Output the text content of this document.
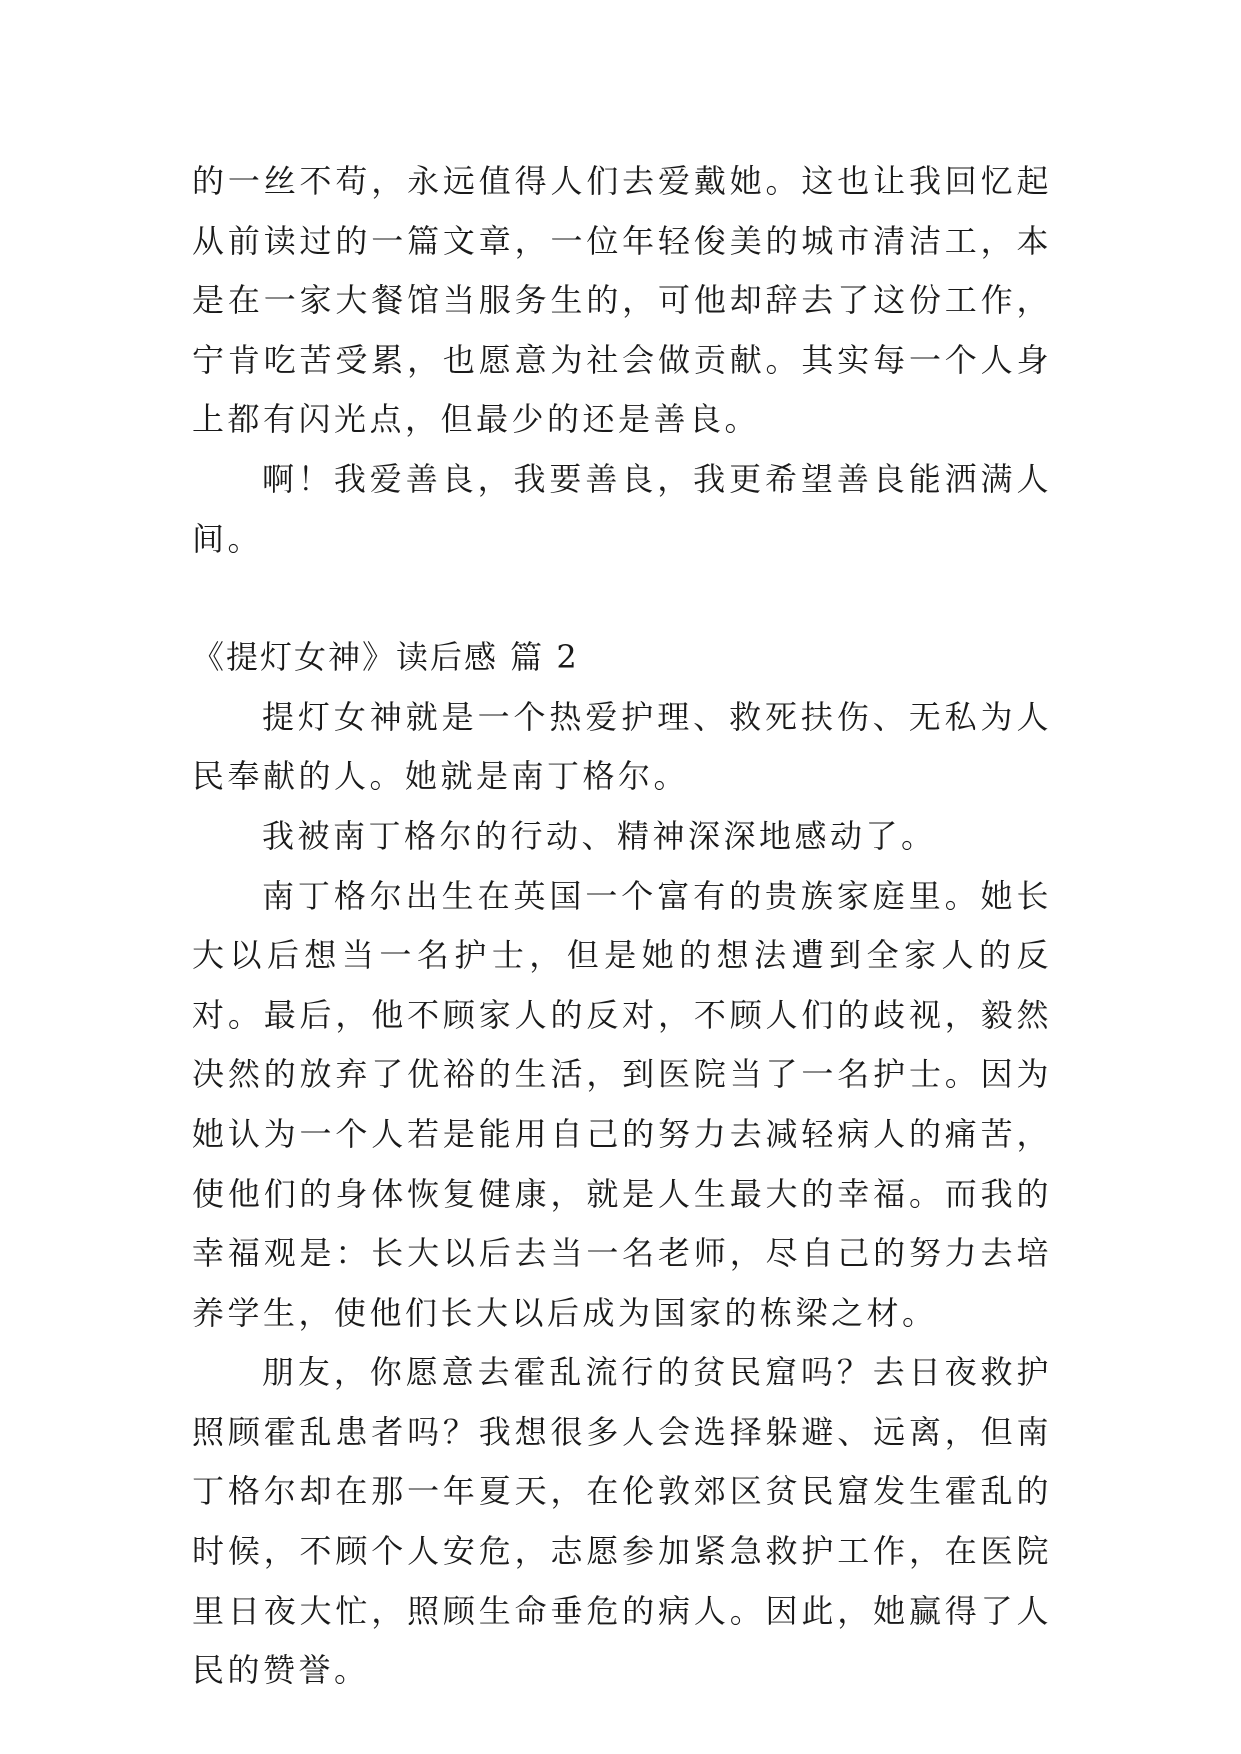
的一丝不苟，永远值得人们去爱戴她。这也让我回忆起从前读过的一篇文章，一位年轻俊美的城市清洁工，本是在一家大餐馆当服务生的，可他却辞去了这份工作，宁肯吃苦受累，也愿意为社会做贡献。其实每一个人身上都有闪光点，但最少的还是善良。

啊！我爱善良，我要善良，我更希望善良能洒满人间。

《提灯女神》读后感 篇 2

提灯女神就是一个热爱护理、救死扶伤、无私为人民奉献的人。她就是南丁格尔。

我被南丁格尔的行动、精神深深地感动了。

南丁格尔出生在英国一个富有的贵族家庭里。她长大以后想当一名护士，但是她的想法遭到全家人的反对。最后，他不顾家人的反对，不顾人们的歧视，毅然决然的放弃了优裕的生活，到医院当了一名护士。因为她认为一个人若是能用自己的努力去减轻病人的痛苦，使他们的身体恢复健康，就是人生最大的幸福。而我的幸福观是：长大以后去当一名老师，尽自己的努力去培养学生，使他们长大以后成为国家的栋梁之材。

朋友，你愿意去霍乱流行的贫民窟吗？去日夜救护照顾霍乱患者吗？我想很多人会选择躲避、远离，但南丁格尔却在那一年夏天，在伦敦郊区贫民窟发生霍乱的时候，不顾个人安危，志愿参加紧急救护工作，在医院里日夜大忙，照顾生命垂危的病人。因此，她赢得了人民的赞誉。
